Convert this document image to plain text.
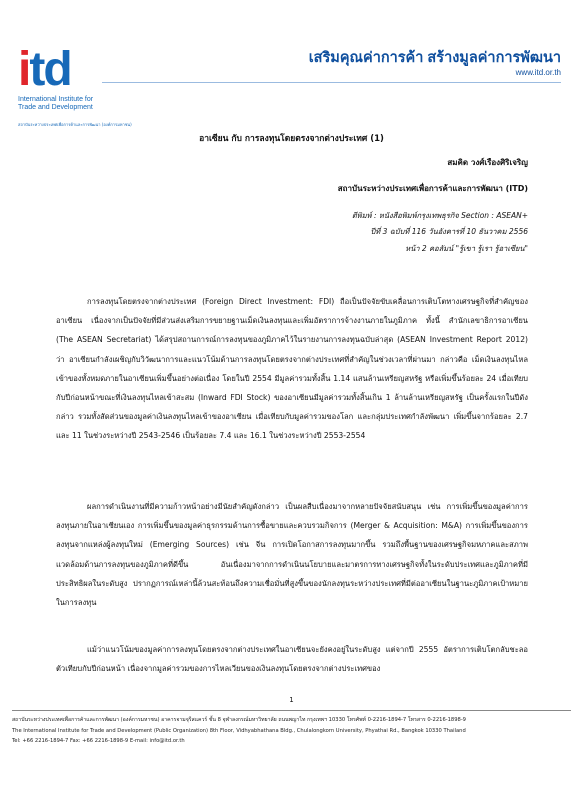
itd
International Institute for Trade and Development
สถาบันระหว่างประเทศเพื่อการค้าและการพัฒนา (องค์การมหาชน)
เสริมคุณค่าการค้า สร้างมูลค่าการพัฒนา
www.itd.or.th
อาเซียน กับ การลงทุนโดยตรงจากต่างประเทศ (1)
สมคิด วงศ์เรืองศิริเจริญ
สถาบันระหว่างประเทศเพื่อการค้าและการพัฒนา (ITD)
ตีพิมพ์ : หนังสือพิมพ์กรุงเทพธุรกิจ Section : ASEAN+
ปีที่ 3 ฉบับที่ 116 วันอังคารที่ 10 ธันวาคม 2556
หน้า 2 คอลัมน์ "รู้เขา รู้เรา รู้อาเซียน"
การลงทุนโดยตรงจากต่างประเทศ (Foreign Direct Investment: FDI) ถือเป็นปัจจัยขับเคลื่อนการเติบโตทางเศรษฐกิจที่สำคัญของอาเซียน เนื่องจากเป็นปัจจัยที่มีส่วนส่งเสริมการขยายฐานเม็ดเงินลงทุนและเพิ่มอัตราการจ้างงานภายในภูมิภาค ทั้งนี้ สำนักเลขาธิการอาเซียน (The ASEAN Secretariat) ได้สรุปสถานการณ์การลงทุนของภูมิภาคไว้ในรายงานการลงทุนฉบับล่าสุด (ASEAN Investment Report 2012) ว่า อาเซียนกำลังเผชิญกับวิวัฒนาการและแนวโน้มด้านการลงทุนโดยตรงจากต่างประเทศที่สำคัญในช่วงเวลาที่ผ่านมา กล่าวคือ เม็ดเงินลงทุนไหลเข้าของทั้งหมดภายในอาเซียนเพิ่มขึ้นอย่างต่อเนื่อง โดยในปี 2554 มีมูลค่ารวมทั้งสิ้น 1.14 แสนล้านเหรียญสหรัฐ หรือเพิ่มขึ้นร้อยละ 24 เมื่อเทียบกับปีก่อนหน้าขณะที่เงินลงทุนไหลเข้าสะสม (Inward FDI Stock) ของอาเซียนมีมูลค่ารวมทั้งสิ้นเกิน 1 ล้านล้านเหรียญสหรัฐ เป็นครั้งแรกในปีดังกล่าว รวมทั้งสัดส่วนของมูลค่าเงินลงทุนไหลเข้าของอาเซียน เมื่อเทียบกับมูลค่ารวมของโลก และกลุ่มประเทศกำลังพัฒนา เพิ่มขึ้นจากร้อยละ 2.7 และ 11 ในช่วงระหว่างปี 2543-2546 เป็นร้อยละ 7.4 และ 16.1 ในช่วงระหว่างปี 2553-2554
ผลการดำเนินงานที่มีความก้าวหน้าอย่างมีนัยสำคัญดังกล่าว เป็นผลสืบเนื่องมาจากหลายปัจจัยสนับสนุน เช่น การเพิ่มขึ้นของมูลค่าการลงทุนภายในอาเซียนเอง การเพิ่มขึ้นของมูลค่าธุรกรรมด้านการซื้อขายและควบรวมกิจการ (Merger & Acquisition: M&A) การเพิ่มขึ้นของการลงทุนจากแหล่งผู้ลงทุนใหม่ (Emerging Sources) เช่น จีน การเปิดโอกาสการลงทุนมากขึ้น รวมถึงพื้นฐานของเศรษฐกิจมหภาคและสภาพแวดล้อมด้านการลงทุนของภูมิภาคที่ดีขึ้น อันเนื่องมาจากการดำเนินนโยบายและมาตรการทางเศรษฐกิจทั้งในระดับประเทศและภูมิภาคที่มีประสิทธิผลในระดับสูง ปรากฏการณ์เหล่านี้ล้วนสะท้อนถึงความเชื่อมั่นที่สูงขึ้นของนักลงทุนระหว่างประเทศที่มีต่ออาเซียนในฐานะภูมิภาคเป้าหมายในการลงทุน
แม้ว่าแนวโน้มของมูลค่าการลงทุนโดยตรงจากต่างประเทศในอาเซียนจะยังคงอยู่ในระดับสูง แต่จากปี 2555 อัตราการเติบโตกลับชะลอตัวเทียบกับปีก่อนหน้า เนื่องจากมูลค่ารวมของการไหลเวียนของเงินลงทุนโดยตรงจากต่างประเทศของ
1
สถาบันระหว่างประเทศเพื่อการค้าและการพัฒนา (องค์การมหาชน) อาคารจามจุรีสแควร์ ชั้น 8 จุฬาลงกรณ์มหาวิทยาลัย ถนนพญาไท กรุงเทพฯ 10330 โทรศัพท์ 0-2216-1894-7 โทรสาร 0-2216-1898-9
The International Institute for Trade and Development (Public Organization) 8th Floor, Vidhyabhathana Bldg., Chulalongkorn University, Phyathai Rd., Bangkok 10330 Thailand
Tel: +66 2216-1894-7 Fax: +66 2216-1898-9 E-mail: info@itd.or.th
